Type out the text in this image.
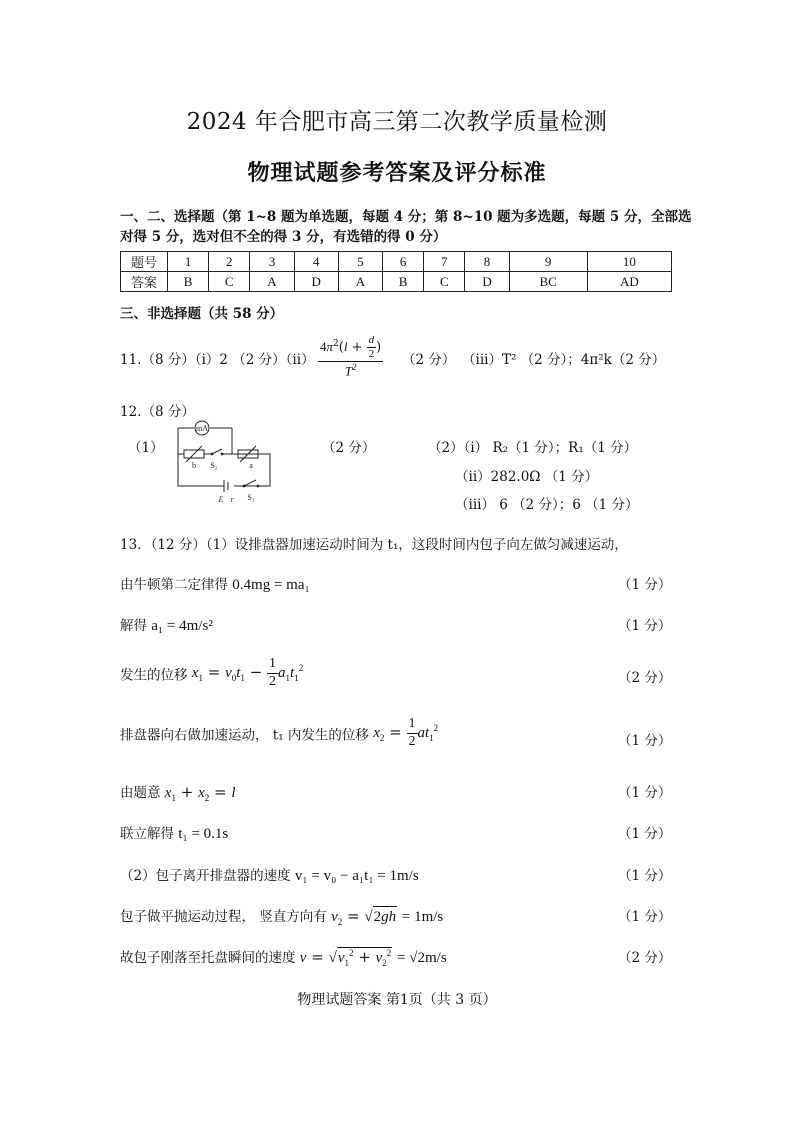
2024 年合肥市高三第二次教学质量检测
物理试题参考答案及评分标准
一、二、选择题（第 1~8 题为单选题，每题 4 分；第 8~10 题为多选题，每题 5 分，全部选
对得 5 分，选对但不全的得 3 分，有选错的得 0 分）
题号	1	2	3	4	5	6	7	8	9	10
答案	B	C	A	D	A	B	C	D	BC	AD
三、非选择题（共 58 分）
11.（8 分）（i）2 （2 分）$(ii) \frac{4\pi^2(l + \frac{d}{2} )}{T^2} (2$ 分） （iii）T² （2 分）；4π²k（2 分）
12.（8 分）
（1）
mA
b S₂	a
E r S₁
（2 分）	（2）（i） R₂（1 分）；R₁（1 分）
（ii）282.0Ω （1 分）
（iii） 6 （2 分）；6 （1 分）
13．（12 分）（1）设排盘器加速运动时间为 t₁，这段时间内包子向左做匀减速运动，
由牛顿第二定律得 0.4mg = ma₁	（1 分）
解得 a₁ = 4m/s²	（1 分）
发生的位移 $x_1 = v_0t_1 - \frac{1}{2} a_1t_1^2$
（2 分）
排盘器向右做加速运动， t₁ 内发生的位移 $x_2 = \frac{1}{2} at_1^2$
（1 分）
由题意 $x_1 + x_2 = l$	（1 分）
联立解得 t₁ = 0.1s	（1 分）
（2）包子离开排盘器的速度 v₁ = v₀ − a₁t₁ = 1m/s	（1 分）
包子做平抛运动过程， 竖直方向有 $v_2 = √2gh = 1m/s$	（1 分）
故包子刚落至托盘瞬间的速度 $v = √v_1^2 + v_2^2 = √2m/s$	（2 分）
物理试题答案 第1页（共 3 页）
